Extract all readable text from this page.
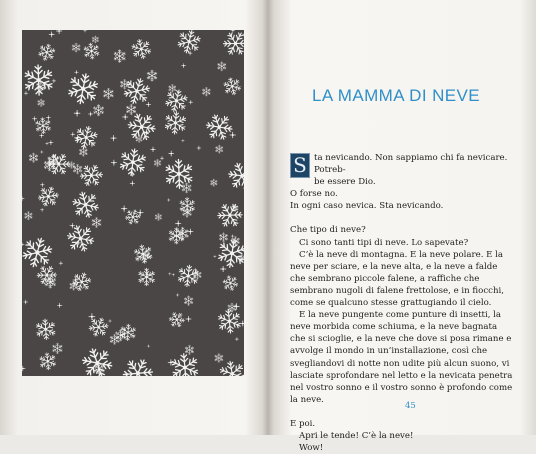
LA MAMMA DI NEVE

S ta nevicando. Non sappiamo chi fa nevicare. Potreb-
be essere Dio.
O forse no.
In ogni caso nevica. Sta nevicando.

Che tipo di neve?

Ci sono tanti tipi di neve. Lo sapevate?

C’è la neve di montagna. E la neve polare. E la neve per sciare, e la neve alta, e la neve a falde che sembrano piccole falene, a raffiche che sembrano nugoli di falene frettolose, e in fiocchi, come se qualcuno stesse grattugiando il cielo.

E la neve pungente come punture di insetti, la neve morbida come schiuma, e la neve bagnata che si scioglie, e la neve che dove si posa rimane e avvolge il mondo in un’installazione, così che svegliandovi di notte non udite più alcun suono, vi lasciate sprofondare nel letto e la nevicata penetra nel vostro sonno e il vostro sonno è profondo come la neve.

E poi.

Apri le tende! C’è la neve!

Wow!

45
